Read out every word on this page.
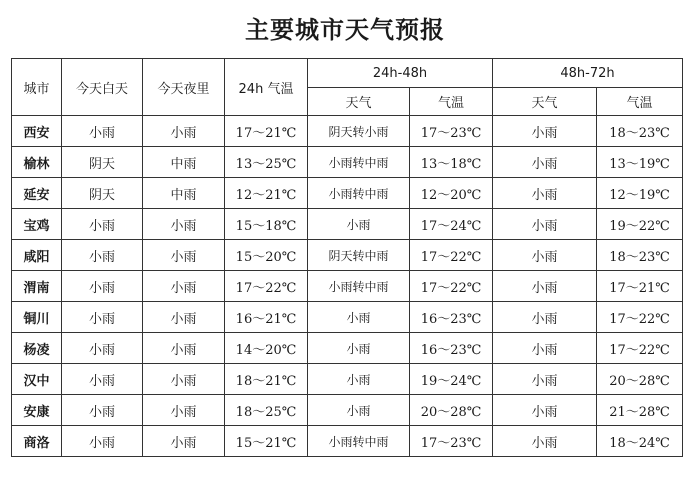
主要城市天气预报
城市	今天白天	今天夜里	24h 气温	24h-48h		48h-72h	
				天气	气温	天气	气温
西安	小雨	小雨	17～21℃	阴天转小雨	17～23℃	小雨	18～23℃
榆林	阴天	中雨	13～25℃	小雨转中雨	13～18℃	小雨	13～19℃
延安	阴天	中雨	12～21℃	小雨转中雨	12～20℃	小雨	12～19℃
宝鸡	小雨	小雨	15～18℃	小雨	17～24℃	小雨	19～22℃
咸阳	小雨	小雨	15～20℃	阴天转中雨	17～22℃	小雨	18～23℃
渭南	小雨	小雨	17～22℃	小雨转中雨	17～22℃	小雨	17～21℃
铜川	小雨	小雨	16～21℃	小雨	16～23℃	小雨	17～22℃
杨凌	小雨	小雨	14～20℃	小雨	16～23℃	小雨	17～22℃
汉中	小雨	小雨	18～21℃	小雨	19～24℃	小雨	20～28℃
安康	小雨	小雨	18～25℃	小雨	20～28℃	小雨	21～28℃
商洛	小雨	小雨	15～21℃	小雨转中雨	17～23℃	小雨	18～24℃
